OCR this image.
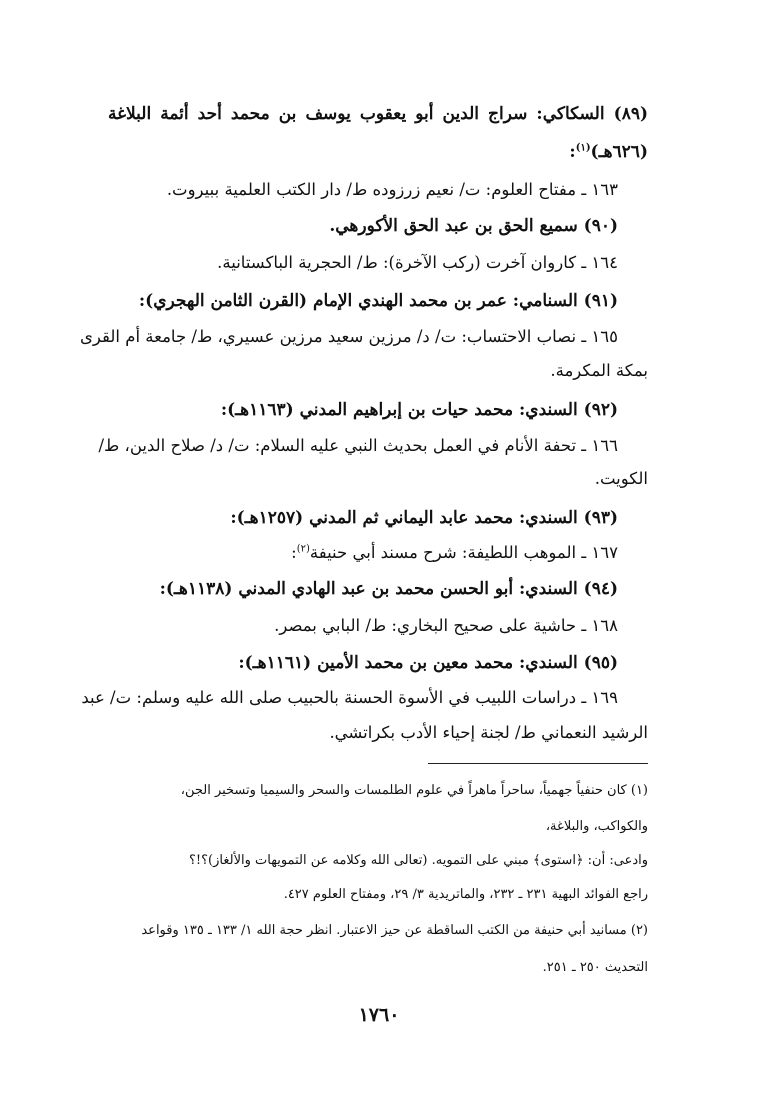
(٨٩) السكاكي: سراج الدين أبو يعقوب يوسف بن محمد أحد أئمة البلاغة
(٦٢٦هـ)$^{(١)}$:
١٦٣ ـ مفتاح العلوم: ت/ نعيم زرزوده ط/ دار الكتب العلمية ببيروت.
(٩٠) سميع الحق بن عبد الحق الأكورهي.
١٦٤ ـ كاروان آخرت (ركب الآخرة): ط/ الحجرية الباكستانية.
(٩١) السنامي: عمر بن محمد الهندي الإمام (القرن الثامن الهجري):
١٦٥ ـ نصاب الاحتساب: ت/ د/ مرزين سعيد مرزين عسيري، ط/ جامعة أم القرى
بمكة المكرمة.
(٩٢) السندي: محمد حيات بن إبراهيم المدني (١١٦٣هـ):
١٦٦ ـ تحفة الأنام في العمل بحديث النبي عليه السلام: ت/ د/ صلاح الدين، ط/
الكويت.
(٩٣) السندي: محمد عابد اليماني ثم المدني (١٢٥٧هـ):
١٦٧ ـ الموهب اللطيفة: شرح مسند أبي حنيفة$^{(٢)}$:
(٩٤) السندي: أبو الحسن محمد بن عبد الهادي المدني (١١٣٨هـ):
١٦٨ ـ حاشية على صحيح البخاري: ط/ البابي بمصر.
(٩٥) السندي: محمد معين بن محمد الأمين (١١٦١هـ):
١٦٩ ـ دراسات اللبيب في الأسوة الحسنة بالحبيب صلى الله عليه وسلم: ت/ عبد
الرشيد النعماني ط/ لجنة إحياء الأدب بكراتشي.
(١) كان حنفياً جهمياً، ساحراً ماهراً في علوم الطلمسات والسحر والسيميا وتسخير الجن،
والكواكب، والبلاغة،
وادعى: أن: ﴿استوى﴾ مبني على التمويه. (تعالى الله وكلامه عن التمويهات والألغاز)؟!؟
راجع الفوائد البهية ٢٣١ ـ ٢٣٢، والماتريدية ٣/ ٢٩، ومفتاح العلوم ٤٢٧.
(٢) مسانيد أبي حنيفة من الكتب الساقطة عن حيز الاعتبار. انظر حجة الله ١/ ١٣٣ ـ ١٣٥ وقواعد
التحديث ٢٥٠ ـ ٢٥١.
١٧٦٠
